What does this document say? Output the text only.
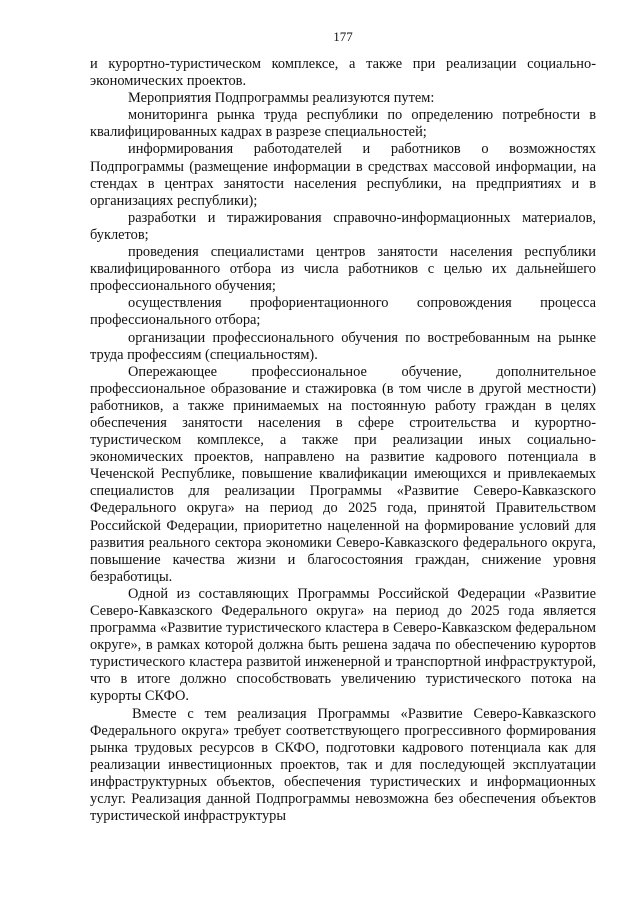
177

и курортно-туристическом комплексе, а также при реализации социально-экономических проектов.

Мероприятия Подпрограммы реализуются путем:

мониторинга рынка труда республики по определению потребности в квалифицированных кадрах в разрезе специальностей;

информирования работодателей и работников о возможностях Подпрограммы (размещение информации в средствах массовой информации, на стендах в центрах занятости населения республики, на предприятиях и в организациях республики);

разработки и тиражирования справочно-информационных материалов, буклетов;

проведения специалистами центров занятости населения республики квалифицированного отбора из числа работников с целью их дальнейшего профессионального обучения;

осуществления профориентационного сопровождения процесса профессионального отбора;

организации профессионального обучения по востребованным на рынке труда профессиям (специальностям).

Опережающее профессиональное обучение, дополнительное профессиональное образование и стажировка (в том числе в другой местности) работников, а также принимаемых на постоянную работу граждан в целях обеспечения занятости населения в сфере строительства и курортно-туристическом комплексе, а также при реализации иных социально-экономических проектов, направлено на развитие кадрового потенциала в Чеченской Республике, повышение квалификации имеющихся и привлекаемых специалистов для реализации Программы «Развитие Северо-Кавказского Федерального округа» на период до 2025 года, принятой Правительством Российской Федерации, приоритетно нацеленной на формирование условий для развития реального сектора экономики Северо-Кавказского федерального округа, повышение качества жизни и благосостояния граждан, снижение уровня безработицы.

Одной из составляющих Программы Российской Федерации «Развитие Северо-Кавказского Федерального округа» на период до 2025 года является программа «Развитие туристического кластера в Северо-Кавказском федеральном округе», в рамках которой должна быть решена задача по обеспечению курортов туристического кластера развитой инженерной и транспортной инфраструктурой, что в итоге должно способствовать увеличению туристического потока на курорты СКФО.

Вместе с тем реализация Программы «Развитие Северо-Кавказского Федерального округа» требует соответствующего прогрессивного формирования рынка трудовых ресурсов в СКФО, подготовки кадрового потенциала как для реализации инвестиционных проектов, так и для последующей эксплуатации инфраструктурных объектов, обеспечения туристических и информационных услуг. Реализация данной Подпрограммы невозможна без обеспечения объектов туристической инфраструктуры
